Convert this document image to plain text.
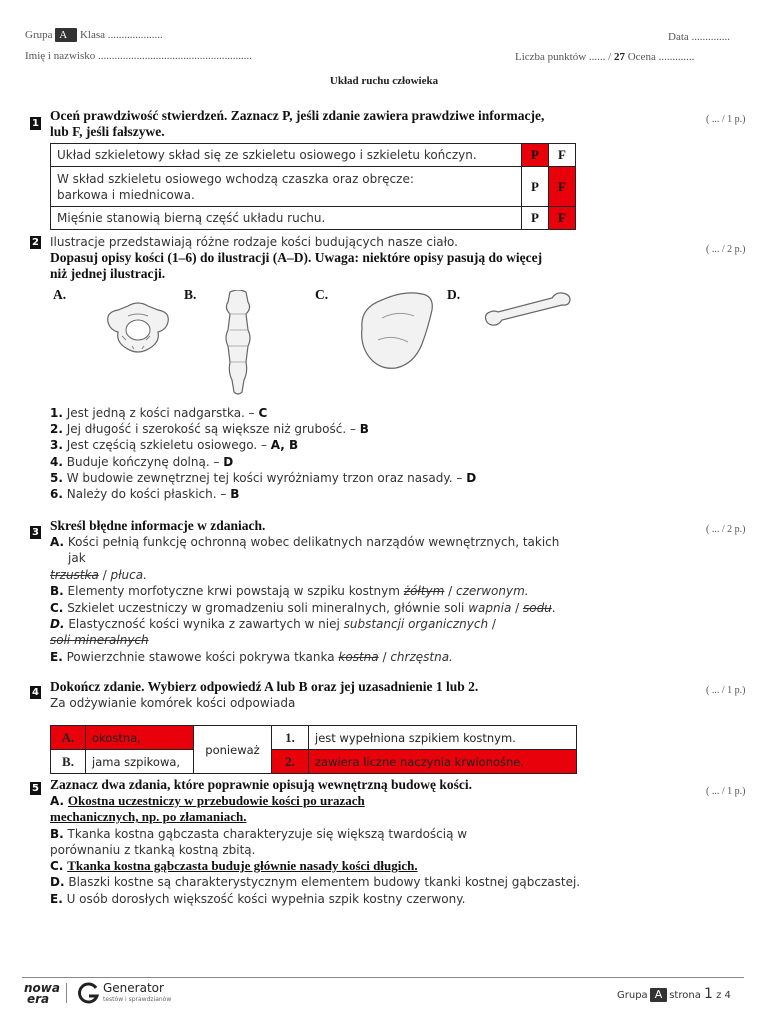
Grupa A Klasa ....................
Imię i nazwisko ........................................................
Data ..............
Liczba punktów ...... / 27 Ocena .............
Układ ruchu człowieka
1
Oceń prawdziwość stwierdzeń. Zaznacz P, jeśli zdanie zawiera prawdziwe informacje, lub F, jeśli fałszywe.
( ... / 1 p.)
Układ szkieletowy skład się ze szkieletu osiowego i szkieletu kończyn.	P	F
W skład szkieletu osiowego wchodzą czaszka oraz obręcze:
barkowa i miednicowa.	P	F
Mięśnie stanowią bierną część układu ruchu.	P	F
2 Ilustracje przedstawiają różne rodzaje kości budujących nasze ciało.
Dopasuj opisy kości (1–6) do ilustracji (A–D). Uwaga: niektóre opisy pasują do więcej niż jednej ilustracji.
( ... / 2 p.)
A.	B.	C.	D.
1. Jest jedną z kości nadgarstka. – C
2. Jej długość i szerokość są większe niż grubość. – B
3. Jest częścią szkieletu osiowego. – A, B
4. Buduje kończynę dolną. – D
5. W budowie zewnętrznej tej kości wyróżniamy trzon oraz nasady. – D
6. Należy do kości płaskich. – B
3 Skreśl błędne informacje w zdaniach.	( ... / 2 p.)
A. Kości pełnią funkcję ochronną wobec delikatnych narządów wewnętrznych, takich
jak
trzustka / płuca.
B. Elementy morfotyczne krwi powstają w szpiku kostnym żółtym / czerwonym.
C. Szkielet uczestniczy w gromadzeniu soli mineralnych, głównie soli wapnia / sodu.
D. Elastyczność kości wynika z zawartych w niej substancji organicznych /
soli mineralnych
E. Powierzchnie stawowe kości pokrywa tkanka kostna / chrzęstna.
4 Dokończ zdanie. Wybierz odpowiedź A lub B oraz jej uzasadnienie 1 lub 2.	( ... / 1 p.)
Za odżywianie komórek kości odpowiada
A.	okostna,	ponieważ	1.	jest wypełniona szpikiem kostnym.
B.	jama szpikowa,		2.	zawiera liczne naczynia krwionośne.
5 Zaznacz dwa zdania, które poprawnie opisują wewnętrzną budowę kości.	( ... / 1 p.)
A. Okostna uczestniczy w przebudowie kości po urazach
mechanicznych, np. po złamaniach.
B. Tkanka kostna gąbczasta charakteryzuje się większą twardością w
porównaniu z tkanką kostną zbitą.
C. Tkanka kostna gąbczasta buduje głównie nasady kości długich.
D. Blaszki kostne są charakterystycznym elementem budowy tkanki kostnej gąbczastej.
E. U osób dorosłych większość kości wypełnia szpik kostny czerwony.
nowa
era
Generator
testów i sprawdzianów	Grupa A strona 1 z 4
